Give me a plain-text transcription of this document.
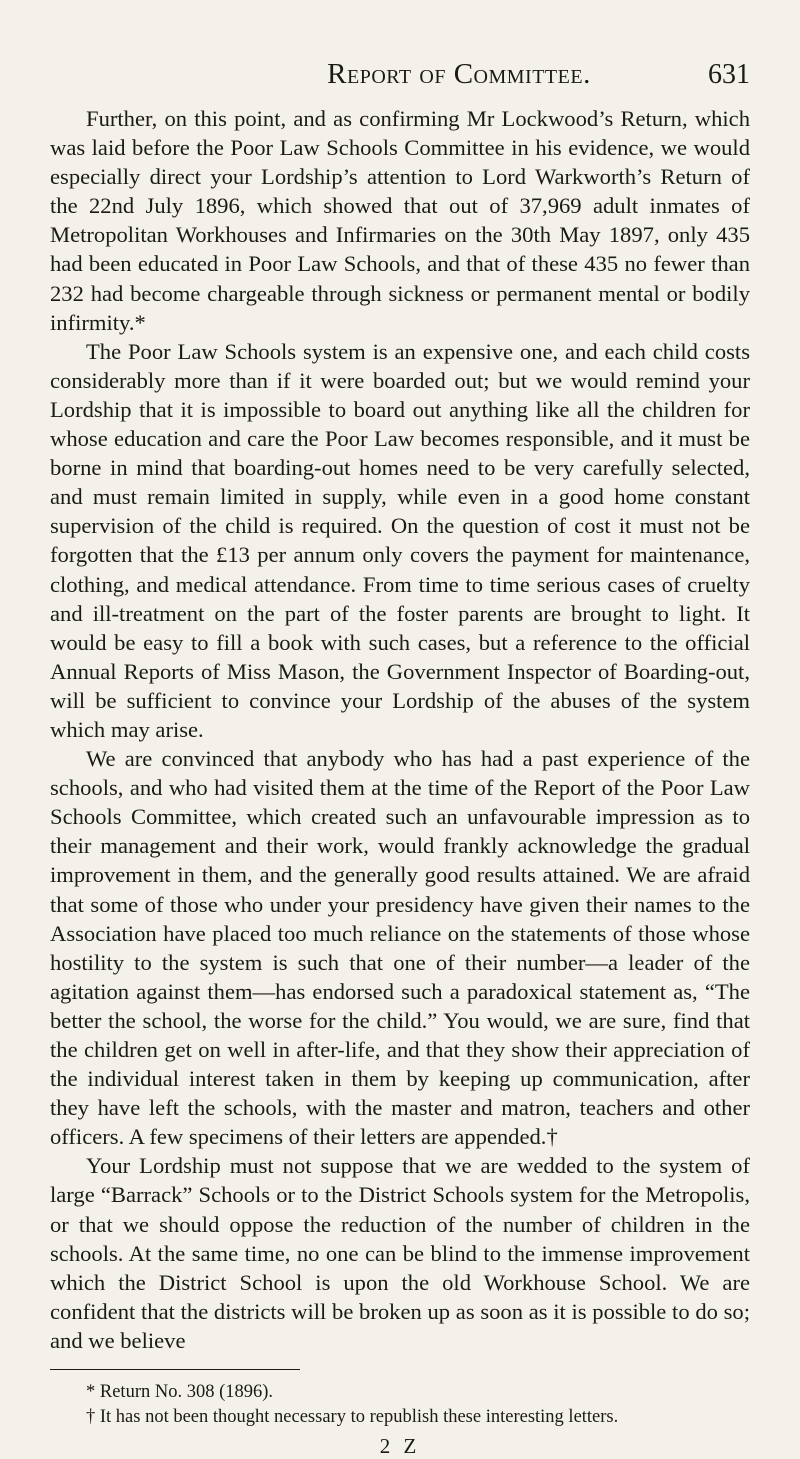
Report of Committee.	631

Further, on this point, and as confirming Mr Lockwood’s Return, which was laid before the Poor Law Schools Committee in his evidence, we would especially direct your Lordship’s attention to Lord Warkworth’s Return of the 22nd July 1896, which showed that out of 37,969 adult inmates of Metropolitan Workhouses and Infirmaries on the 30th May 1897, only 435 had been educated in Poor Law Schools, and that of these 435 no fewer than 232 had become chargeable through sickness or permanent mental or bodily infirmity.*

The Poor Law Schools system is an expensive one, and each child costs considerably more than if it were boarded out; but we would remind your Lordship that it is impossible to board out anything like all the children for whose education and care the Poor Law becomes responsible, and it must be borne in mind that boarding-out homes need to be very carefully selected, and must remain limited in supply, while even in a good home constant supervision of the child is required. On the question of cost it must not be forgotten that the £13 per annum only covers the payment for maintenance, clothing, and medical attendance. From time to time serious cases of cruelty and ill-treatment on the part of the foster parents are brought to light. It would be easy to fill a book with such cases, but a reference to the official Annual Reports of Miss Mason, the Government Inspector of Boarding-out, will be sufficient to convince your Lordship of the abuses of the system which may arise.

We are convinced that anybody who has had a past experience of the schools, and who had visited them at the time of the Report of the Poor Law Schools Committee, which created such an unfavourable impression as to their management and their work, would frankly acknowledge the gradual improvement in them, and the generally good results attained. We are afraid that some of those who under your presidency have given their names to the Association have placed too much reliance on the statements of those whose hostility to the system is such that one of their number—a leader of the agitation against them—has endorsed such a paradoxical statement as, “The better the school, the worse for the child.” You would, we are sure, find that the children get on well in after-life, and that they show their appreciation of the individual interest taken in them by keeping up communication, after they have left the schools, with the master and matron, teachers and other officers. A few specimens of their letters are appended.†

Your Lordship must not suppose that we are wedded to the system of large “Barrack” Schools or to the District Schools system for the Metropolis, or that we should oppose the reduction of the number of children in the schools. At the same time, no one can be blind to the immense improvement which the District School is upon the old Workhouse School. We are confident that the districts will be broken up as soon as it is possible to do so; and we believe

* Return No. 308 (1896).

† It has not been thought necessary to republish these interesting letters.

2 Z
